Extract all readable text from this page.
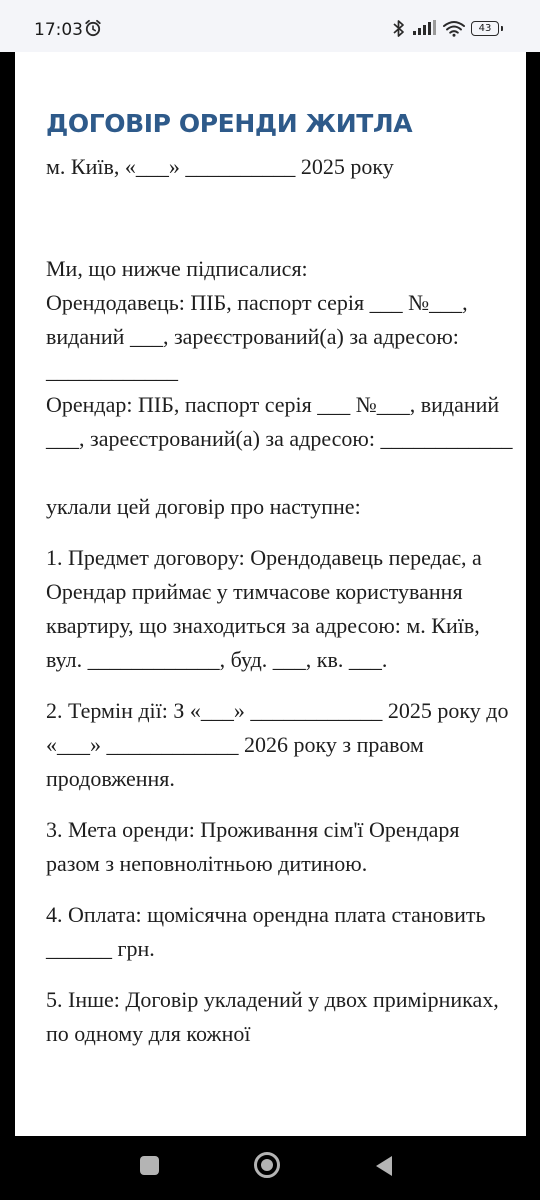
17:03	43
ДОГОВІР ОРЕНДИ ЖИТЛА

м. Київ, «___» __________ 2025 року

Ми, що нижче підписалися:

Орендодавець: ПІБ, паспорт серія ___ №___, виданий ___, зареєстрований(а) за адресою: ____________

Орендар: ПІБ, паспорт серія ___ №___, виданий ___, зареєстрований(а) за адресою: ____________

уклали цей договір про наступне:

1. Предмет договору: Орендодавець передає, а Орендар приймає у тимчасове користування квартиру, що знаходиться за адресою: м. Київ, вул. ____________, буд. ___, кв. ___.

2. Термін дії: З «___» ____________ 2025 року до «___» ____________ 2026 року з правом продовження.

3. Мета оренди: Проживання сім'ї Орендаря разом з неповнолітньою дитиною.

4. Оплата: щомісячна орендна плата становить ______ грн.

5. Інше: Договір укладений у двох примірниках, по одному для кожної
